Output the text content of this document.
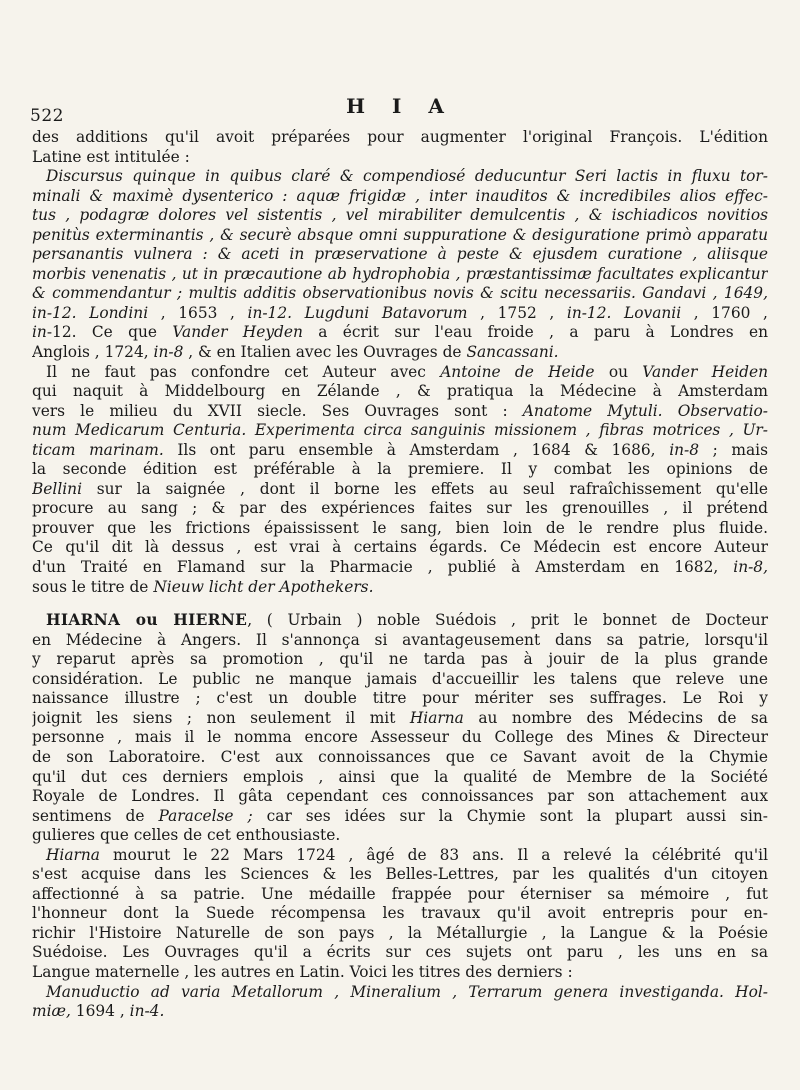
522	H I A
des additions qu'il avoit préparées pour augmenter l'original François. L'édition
Latine est intitulée :
Discursus quinque in quibus claré & compendiosé deducuntur Seri lactis in fluxu tor-
minali & maximè dysenterico : aquæ frigidæ , inter inauditos & incredibiles alios effec-
tus , podagræ dolores vel sistentis , vel mirabiliter demulcentis , & ischiadicos novitios
penitùs exterminantis , & securè absque omni suppuratione & desiguratione primò apparatu
persanantis vulnera : & aceti in præservatione à peste & ejusdem curatione , aliisque
morbis venenatis , ut in præcautione ab hydrophobia , præstantissimæ facultates explicantur
& commendantur ; multis additis observationibus novis & scitu necessariis. Gandavi , 1649,
in-12. Londini , 1653 , in-12. Lugduni Batavorum , 1752 , in-12. Lovanii , 1760 ,
in-12. Ce que Vander Heyden a écrit sur l'eau froide , a paru à Londres en
Anglois , 1724, in-8 , & en Italien avec les Ouvrages de Sancassani.
Il ne faut pas confondre cet Auteur avec Antoine de Heide ou Vander Heiden
qui naquit à Middelbourg en Zélande , & pratiqua la Médecine à Amsterdam
vers le milieu du XVII siecle. Ses Ouvrages sont : Anatome Mytuli. Observatio-
num Medicarum Centuria. Experimenta circa sanguinis missionem , fibras motrices , Ur-
ticam marinam. Ils ont paru ensemble à Amsterdam , 1684 & 1686, in-8 ; mais
la seconde édition est préférable à la premiere. Il y combat les opinions de
Bellini sur la saignée , dont il borne les effets au seul rafraîchissement qu'elle
procure au sang ; & par des expériences faites sur les grenouilles , il prétend
prouver que les frictions épaississent le sang, bien loin de le rendre plus fluide.
Ce qu'il dit là dessus , est vrai à certains égards. Ce Médecin est encore Auteur
d'un Traité en Flamand sur la Pharmacie , publié à Amsterdam en 1682, in-8,
sous le titre de Nieuw licht der Apothekers.
HIARNA ou HIERNE, ( Urbain ) noble Suédois , prit le bonnet de Docteur
en Médecine à Angers. Il s'annonça si avantageusement dans sa patrie, lorsqu'il
y reparut après sa promotion , qu'il ne tarda pas à jouir de la plus grande
considération. Le public ne manque jamais d'accueillir les talens que releve une
naissance illustre ; c'est un double titre pour mériter ses suffrages. Le Roi y
joignit les siens ; non seulement il mit Hiarna au nombre des Médecins de sa
personne , mais il le nomma encore Assesseur du College des Mines & Directeur
de son Laboratoire. C'est aux connoissances que ce Savant avoit de la Chymie
qu'il dut ces derniers emplois , ainsi que la qualité de Membre de la Société
Royale de Londres. Il gâta cependant ces connoissances par son attachement aux
sentimens de Paracelse ; car ses idées sur la Chymie sont la plupart aussi sin-
gulieres que celles de cet enthousiaste.
Hiarna mourut le 22 Mars 1724 , âgé de 83 ans. Il a relevé la célébrité qu'il
s'est acquise dans les Sciences & les Belles-Lettres, par les qualités d'un citoyen
affectionné à sa patrie. Une médaille frappée pour éterniser sa mémoire , fut
l'honneur dont la Suede récompensa les travaux qu'il avoit entrepris pour en-
richir l'Histoire Naturelle de son pays , la Métallurgie , la Langue & la Poésie
Suédoise. Les Ouvrages qu'il a écrits sur ces sujets ont paru , les uns en sa
Langue maternelle , les autres en Latin. Voici les titres des derniers :
Manuductio ad varia Metallorum , Mineralium , Terrarum genera investiganda. Hol-
miæ, 1694 , in-4.
